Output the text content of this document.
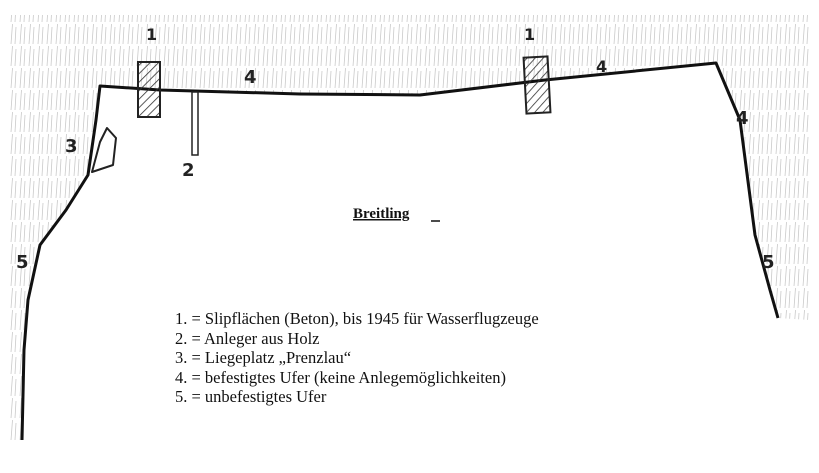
1	1
2
3
4
4
4
5	5
Breitling
1. = Slipflächen (Beton), bis 1945 für Wasserflugzeuge
2. = Anleger aus Holz
3. = Liegeplatz „Prenzlau“
4. = befestigtes Ufer (keine Anlegemöglichkeiten)
5. = unbefestigtes Ufer
